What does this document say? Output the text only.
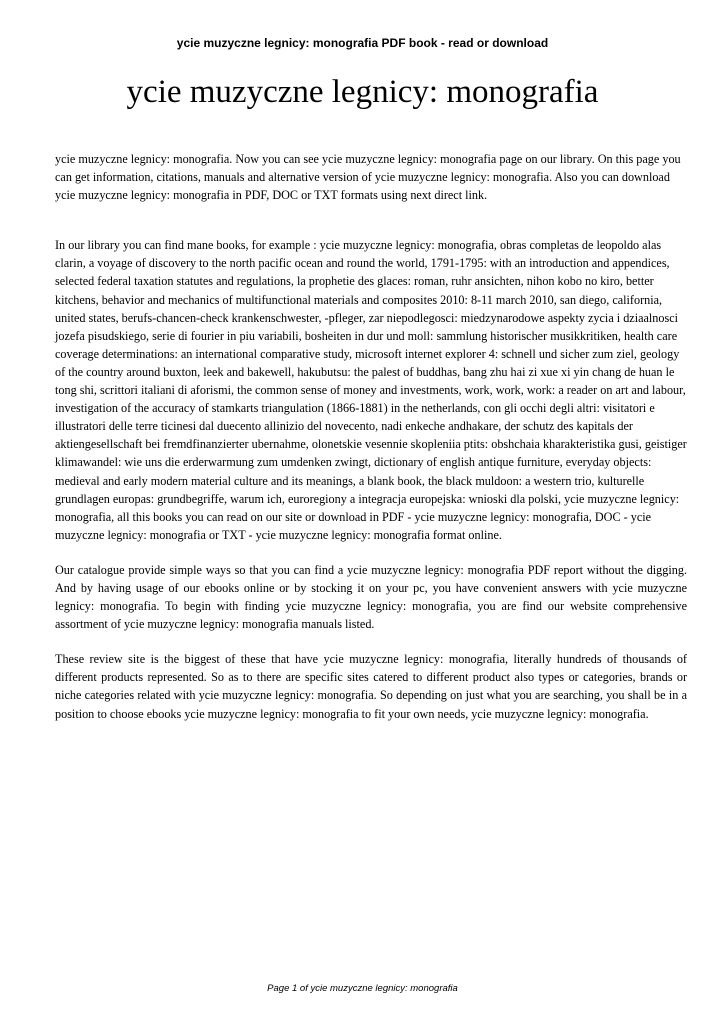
ycie muzyczne legnicy: monografia PDF book - read or download
ycie muzyczne legnicy: monografia

ycie muzyczne legnicy: monografia. Now you can see ycie muzyczne legnicy: monografia page on our library. On this page you can get information, citations, manuals and alternative version of ycie muzyczne legnicy: monografia. Also you can download ycie muzyczne legnicy: monografia in PDF, DOC or TXT formats using next direct link.

In our library you can find mane books, for example : ycie muzyczne legnicy: monografia, obras completas de leopoldo alas clarin, a voyage of discovery to the north pacific ocean and round the world, 1791-1795: with an introduction and appendices, selected federal taxation statutes and regulations, la prophetie des glaces: roman, ruhr ansichten, nihon kobo no kiro, better kitchens, behavior and mechanics of multifunctional materials and composites 2010: 8-11 march 2010, san diego, california, united states, berufs-chancen-check krankenschwester, -pfleger, zar niepodlegosci: miedzynarodowe aspekty zycia i dziaalnosci jozefa pisudskiego, serie di fourier in piu variabili, bosheiten in dur und moll: sammlung historischer musikkritiken, health care coverage determinations: an international comparative study, microsoft internet explorer 4: schnell und sicher zum ziel, geology of the country around buxton, leek and bakewell, hakubutsu: the palest of buddhas, bang zhu hai zi xue xi yin chang de huan le tong shi, scrittori italiani di aforismi, the common sense of money and investments, work, work, work: a reader on art and labour, investigation of the accuracy of stamkarts triangulation (1866-1881) in the netherlands, con gli occhi degli altri: visitatori e illustratori delle terre ticinesi dal duecento allinizio del novecento, nadi enkeche andhakare, der schutz des kapitals der aktiengesellschaft bei fremdfinanzierter ubernahme, olonetskie vesennie skopleniia ptits: obshchaia kharakteristika gusi, geistiger klimawandel: wie uns die erderwarmung zum umdenken zwingt, dictionary of english antique furniture, everyday objects: medieval and early modern material culture and its meanings, a blank book, the black muldoon: a western trio, kulturelle grundlagen europas: grundbegriffe, warum ich, euroregiony a integracja europejska: wnioski dla polski, ycie muzyczne legnicy: monografia, all this books you can read on our site or download in PDF - ycie muzyczne legnicy: monografia, DOC - ycie muzyczne legnicy: monografia or TXT - ycie muzyczne legnicy: monografia format online.

Our catalogue provide simple ways so that you can find a ycie muzyczne legnicy: monografia PDF report without the digging. And by having usage of our ebooks online or by stocking it on your pc, you have convenient answers with ycie muzyczne legnicy: monografia. To begin with finding ycie muzyczne legnicy: monografia, you are find our website comprehensive assortment of ycie muzyczne legnicy: monografia manuals listed.

These review site is the biggest of these that have ycie muzyczne legnicy: monografia, literally hundreds of thousands of different products represented. So as to there are specific sites catered to different product also types or categories, brands or niche categories related with ycie muzyczne legnicy: monografia. So depending on just what you are searching, you shall be in a position to choose ebooks ycie muzyczne legnicy: monografia to fit your own needs, ycie muzyczne legnicy: monografia.

Page 1 of ycie muzyczne legnicy: monografia
